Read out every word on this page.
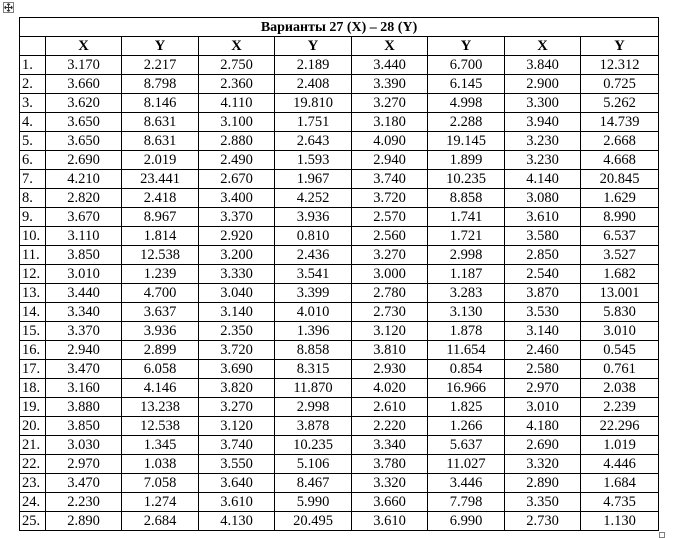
Варианты 27 (X) – 28 (Y)								
	X	Y	X	Y	X	Y	X	Y
1.	3.170	2.217	2.750	2.189	3.440	6.700	3.840	12.312
2.	3.660	8.798	2.360	2.408	3.390	6.145	2.900	0.725
3.	3.620	8.146	4.110	19.810	3.270	4.998	3.300	5.262
4.	3.650	8.631	3.100	1.751	3.180	2.288	3.940	14.739
5.	3.650	8.631	2.880	2.643	4.090	19.145	3.230	2.668
6.	2.690	2.019	2.490	1.593	2.940	1.899	3.230	4.668
7.	4.210	23.441	2.670	1.967	3.740	10.235	4.140	20.845
8.	2.820	2.418	3.400	4.252	3.720	8.858	3.080	1.629
9.	3.670	8.967	3.370	3.936	2.570	1.741	3.610	8.990
10.	3.110	1.814	2.920	0.810	2.560	1.721	3.580	6.537
11.	3.850	12.538	3.200	2.436	3.270	2.998	2.850	3.527
12.	3.010	1.239	3.330	3.541	3.000	1.187	2.540	1.682
13.	3.440	4.700	3.040	3.399	2.780	3.283	3.870	13.001
14.	3.340	3.637	3.140	4.010	2.730	3.130	3.530	5.830
15.	3.370	3.936	2.350	1.396	3.120	1.878	3.140	3.010
16.	2.940	2.899	3.720	8.858	3.810	11.654	2.460	0.545
17.	3.470	6.058	3.690	8.315	2.930	0.854	2.580	0.761
18.	3.160	4.146	3.820	11.870	4.020	16.966	2.970	2.038
19.	3.880	13.238	3.270	2.998	2.610	1.825	3.010	2.239
20.	3.850	12.538	3.120	3.878	2.220	1.266	4.180	22.296
21.	3.030	1.345	3.740	10.235	3.340	5.637	2.690	1.019
22.	2.970	1.038	3.550	5.106	3.780	11.027	3.320	4.446
23.	3.470	7.058	3.640	8.467	3.320	3.446	2.890	1.684
24.	2.230	1.274	3.610	5.990	3.660	7.798	3.350	4.735
25.	2.890	2.684	4.130	20.495	3.610	6.990	2.730	1.130
